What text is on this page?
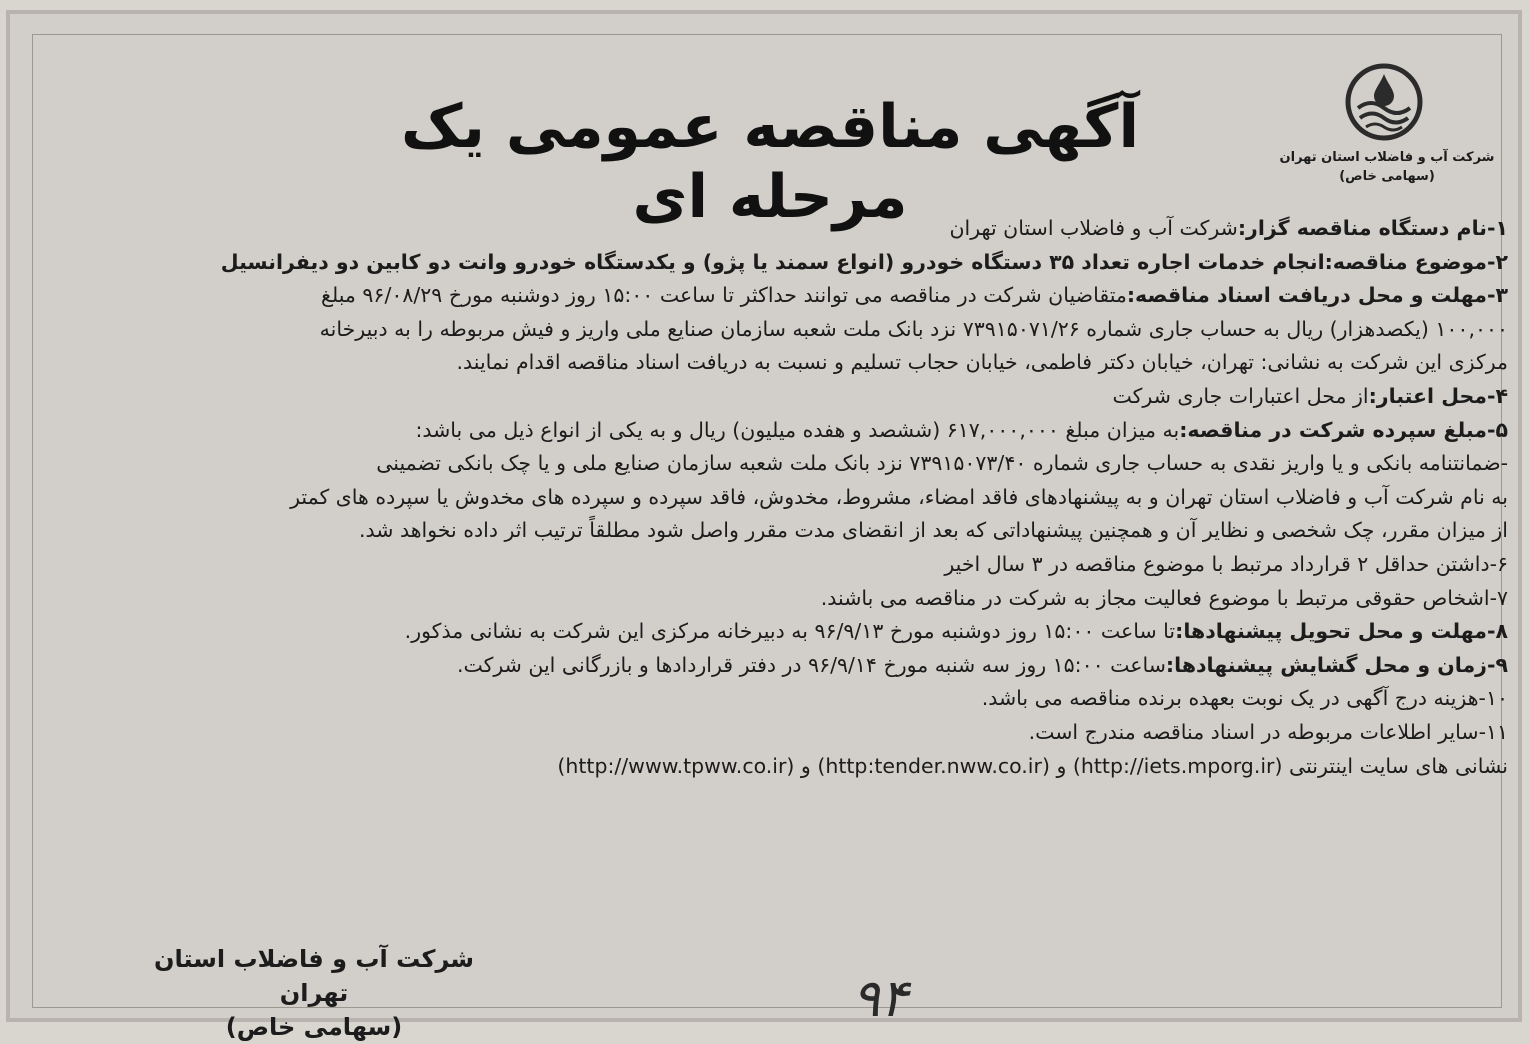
شرکت آب و فاضلاب استان تهران
(سهامی خاص)
آگهی مناقصه عمومی یک مرحله ای	۱-نام دستگاه مناقصه گزار:شرکت آب و فاضلاب استان تهران
۲-موضوع مناقصه:انجام خدمات اجاره تعداد ۳۵ دستگاه خودرو (انواع سمند یا پژو) و یکدستگاه خودرو وانت دو کابین دو دیفرانسیل
۳-مهلت و محل دریافت اسناد مناقصه:متقاضیان شرکت در مناقصه می توانند حداکثر تا ساعت ۱۵:۰۰ روز دوشنبه مورخ ۹۶/۰۸/۲۹ مبلغ
۱۰۰,۰۰۰ (یکصدهزار) ریال به حساب جاری شماره ۷۳۹۱۵۰۷۱/۲۶ نزد بانک ملت شعبه سازمان صنایع ملی واریز و فیش مربوطه را به دبیرخانه
مرکزی این شرکت به نشانی: تهران، خیابان دکتر فاطمی، خیابان حجاب تسلیم و نسبت به دریافت اسناد مناقصه اقدام نمایند.
۴-محل اعتبار:از محل اعتبارات جاری شرکت
۵-مبلغ سپرده شرکت در مناقصه:به میزان مبلغ ۶۱۷,۰۰۰,۰۰۰ (ششصد و هفده میلیون) ریال و به یکی از انواع ذیل می باشد:
-ضمانتنامه بانکی و یا واریز نقدی به حساب جاری شماره ۷۳۹۱۵۰۷۳/۴۰ نزد بانک ملت شعبه سازمان صنایع ملی و یا چک بانکی تضمینی
به نام شرکت آب و فاضلاب استان تهران و به پیشنهادهای فاقد امضاء، مشروط، مخدوش، فاقد سپرده و سپرده های مخدوش یا سپرده های کمتر
از میزان مقرر، چک شخصی و نظایر آن و همچنین پیشنهاداتی که بعد از انقضای مدت مقرر واصل شود مطلقاً ترتیب اثر داده نخواهد شد.
۶-داشتن حداقل ۲ قرارداد مرتبط با موضوع مناقصه در ۳ سال اخیر
۷-اشخاص حقوقی مرتبط با موضوع فعالیت مجاز به شرکت در مناقصه می باشند.
۸-مهلت و محل تحویل پیشنهادها:تا ساعت ۱۵:۰۰ روز دوشنبه مورخ ۹۶/۹/۱۳ به دبیرخانه مرکزی این شرکت به نشانی مذکور.
۹-زمان و محل گشایش پیشنهادها:ساعت ۱۵:۰۰ روز سه شنبه مورخ ۹۶/۹/۱۴ در دفتر قراردادها و بازرگانی این شرکت.
۱۰-هزینه درج آگهی در یک نوبت بعهده برنده مناقصه می باشد.
۱۱-سایر اطلاعات مربوطه در اسناد مناقصه مندرج است.
نشانی های سایت اینترنتی (http://iets.mporg.ir) و (http:tender.nww.co.ir) و (http://www.tpww.co.ir)
شرکت آب و فاضلاب استان تهران
(سهامی خاص)	۹۴
